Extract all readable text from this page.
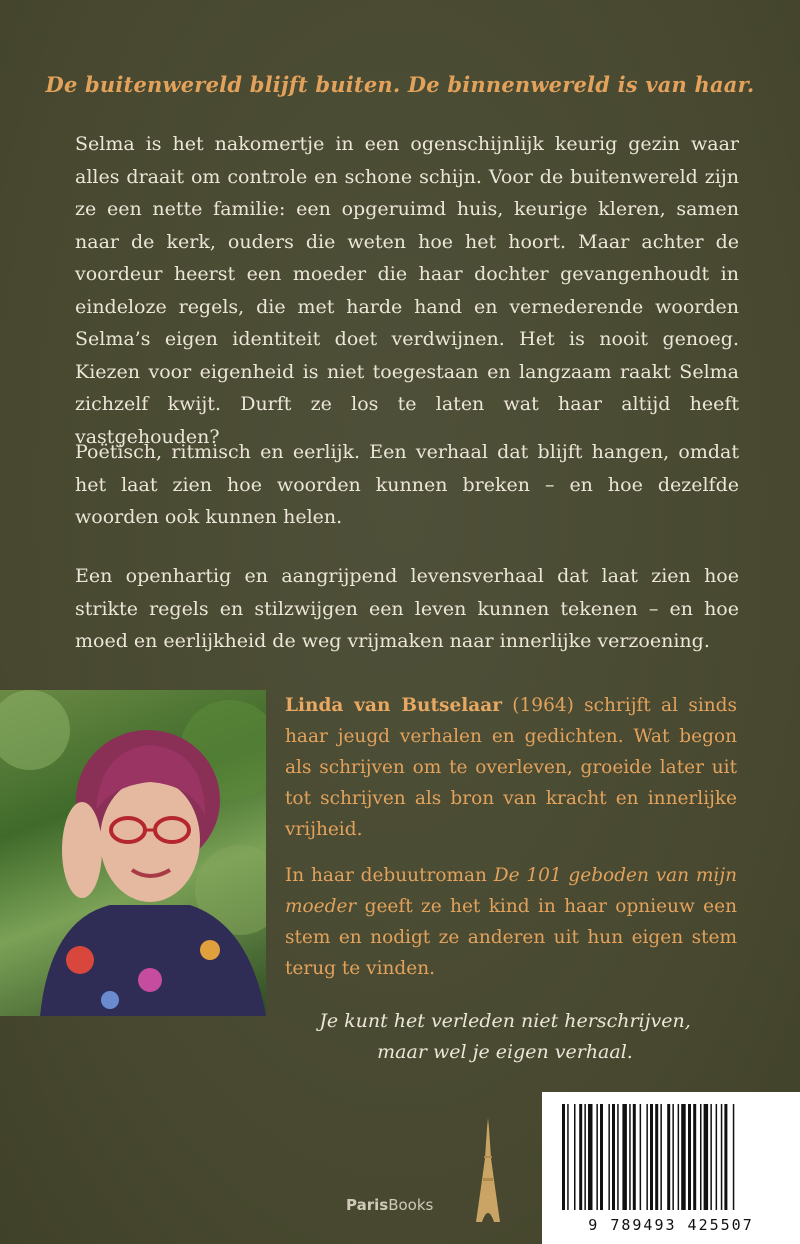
De buitenwereld blijft buiten. De binnenwereld is van haar.

Selma is het nakomertje in een ogenschijnlijk keurig gezin waar alles draait om controle en schone schijn. Voor de buitenwereld zijn ze een nette familie: een opgeruimd huis, keurige kleren, samen naar de kerk, ouders die weten hoe het hoort. Maar achter de voordeur heerst een moeder die haar dochter gevangenhoudt in eindeloze regels, die met harde hand en vernederende woorden Selma’s eigen identiteit doet verdwijnen. Het is nooit genoeg. Kiezen voor eigenheid is niet toegestaan en langzaam raakt Selma zichzelf kwijt. Durft ze los te laten wat haar altijd heeft vastgehouden?

Poëtisch, ritmisch en eerlijk. Een verhaal dat blijft hangen, omdat het laat zien hoe woorden kunnen breken – en hoe dezelfde woorden ook kunnen helen.

Een openhartig en aangrijpend levensverhaal dat laat zien hoe strikte regels en stilzwijgen een leven kunnen tekenen – en hoe moed en eerlijkheid de weg vrijmaken naar innerlijke verzoening.

Linda van Butselaar (1964) schrijft al sinds haar jeugd verhalen en gedichten. Wat begon als schrijven om te overleven, groeide later uit tot schrijven als bron van kracht en innerlijke vrijheid.

In haar debuutroman De 101 geboden van mijn moeder geeft ze het kind in haar opnieuw een stem en nodigt ze anderen uit hun eigen stem terug te vinden.

Je kunt het verleden niet herschrijven,
maar wel je eigen verhaal.

ParisBooks
9 789493 425507
